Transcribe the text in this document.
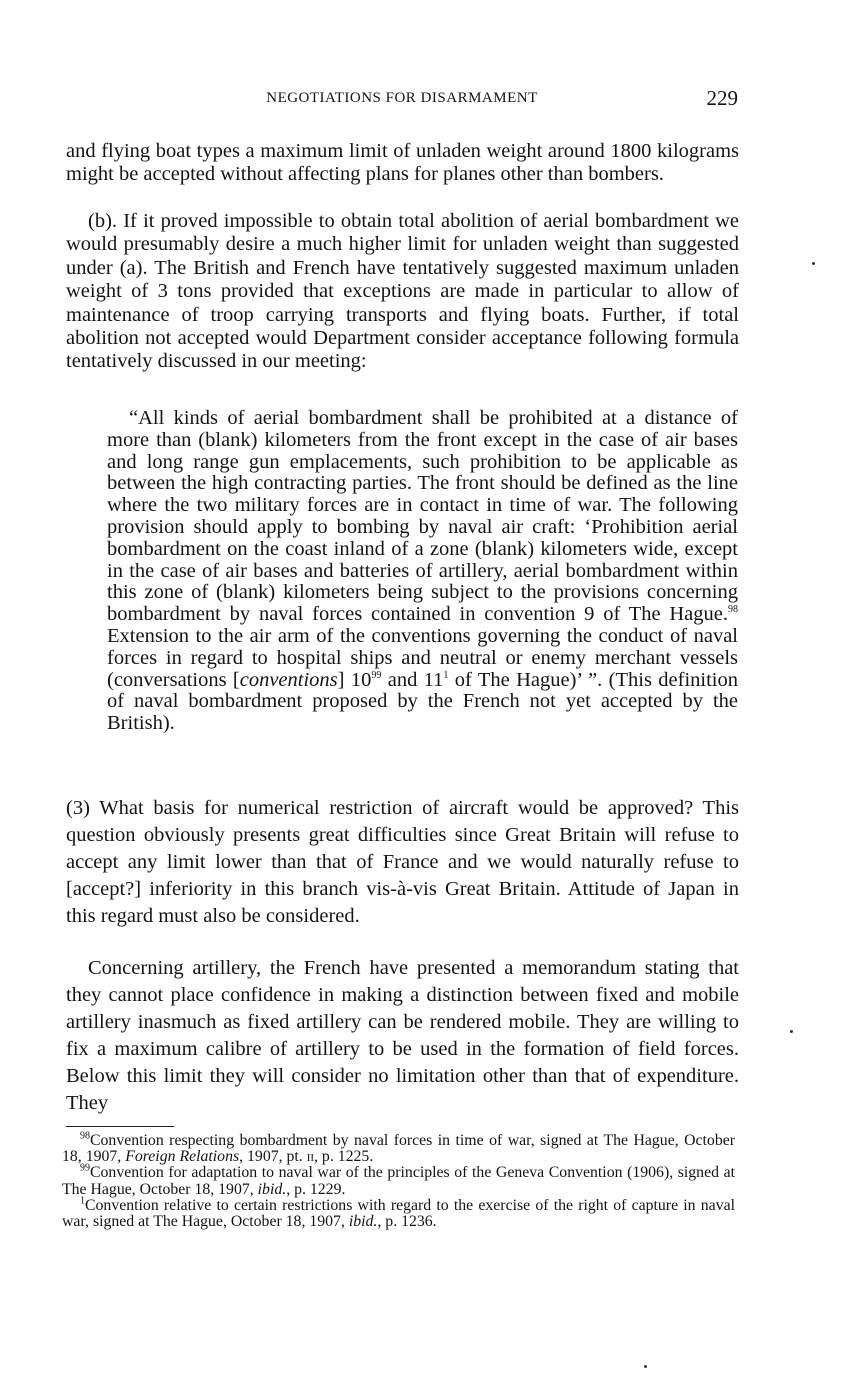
NEGOTIATIONS FOR DISARMAMENT	229

and flying boat types a maximum limit of unladen weight around 1800 kilograms might be accepted without affecting plans for planes other than bombers.

(b). If it proved impossible to obtain total abolition of aerial bombardment we would presumably desire a much higher limit for unladen weight than suggested under (a). The British and French have tentatively suggested maximum unladen weight of 3 tons provided that exceptions are made in particular to allow of maintenance of troop carrying transports and flying boats. Further, if total abolition not accepted would Department consider acceptance following formula tentatively discussed in our meeting:

“All kinds of aerial bombardment shall be prohibited at a distance of more than (blank) kilometers from the front except in the case of air bases and long range gun emplacements, such prohibition to be applicable as between the high contracting parties. The front should be defined as the line where the two military forces are in contact in time of war. The following provision should apply to bombing by naval air craft: ‘Prohibition aerial bombardment on the coast inland of a zone (blank) kilometers wide, except in the case of air bases and batteries of artillery, aerial bombardment within this zone of (blank) kilometers being subject to the provisions concerning bombardment by naval forces contained in convention 9 of The Hague.$^{98}$ Extension to the air arm of the conventions governing the conduct of naval forces in regard to hospital ships and neutral or enemy merchant vessels (conversations [conventions] $10^{99}$ and $11^1$ of The Hague)’ ”. (This definition of naval bombardment proposed by the French not yet accepted by the British).

(3) What basis for numerical restriction of aircraft would be approved? This question obviously presents great difficulties since Great Britain will refuse to accept any limit lower than that of France and we would naturally refuse to [accept?] inferiority in this branch vis-à-vis Great Britain. Attitude of Japan in this regard must also be considered.

Concerning artillery, the French have presented a memorandum stating that they cannot place confidence in making a distinction between fixed and mobile artillery inasmuch as fixed artillery can be rendered mobile. They are willing to fix a maximum calibre of artillery to be used in the formation of field forces. Below this limit they will consider no limitation other than that of expenditure. They

$^{98}$Convention respecting bombardment by naval forces in time of war, signed at The Hague, October 18, 1907, Foreign Relations, 1907, pt. ii, p. 1225.

$^{99}$Convention for adaptation to naval war of the principles of the Geneva Convention (1906), signed at The Hague, October 18, 1907, ibid., p. 1229.

$^1$Convention relative to certain restrictions with regard to the exercise of the right of capture in naval war, signed at The Hague, October 18, 1907, ibid., p. 1236.
